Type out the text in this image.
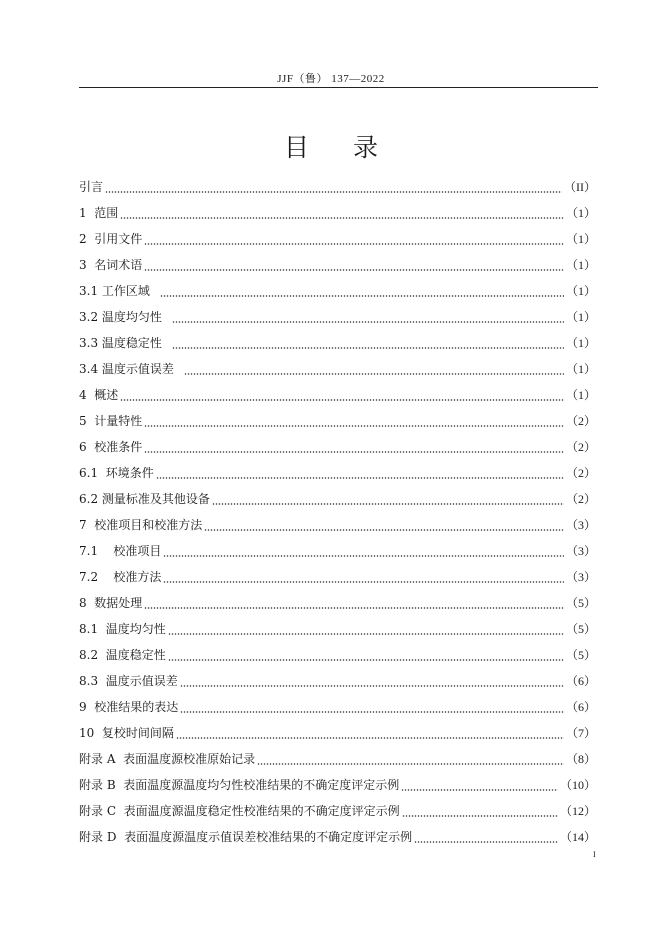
JJF（鲁） 137—2022
目 录
引言	（II）
1  范围	（1）
2  引用文件	（1）
3  名词术语	（1）
3.1 工作区域	（1）
3.2 温度均匀性	（1）
3.3 温度稳定性	（1）
3.4 温度示值误差	（1）
4  概述	（1）
5  计量特性	（2）
6  校准条件	（2）
6.1  环境条件	（2）
6.2 测量标准及其他设备	（2）
7  校准项目和校准方法	（3）
7.1    校准项目	（3）
7.2    校准方法	（3）
8  数据处理	（5）
8.1  温度均匀性	（5）
8.2  温度稳定性	（5）
8.3  温度示值误差	（6）
9  校准结果的表达	（6）
10  复校时间间隔	（7）
附录 A  表面温度源校准原始记录	（8）
附录 B  表面温度源温度均匀性校准结果的不确定度评定示例	（10）
附录 C  表面温度源温度稳定性校准结果的不确定度评定示例	（12）
附录 D  表面温度源温度示值误差校准结果的不确定度评定示例	（14）
I
